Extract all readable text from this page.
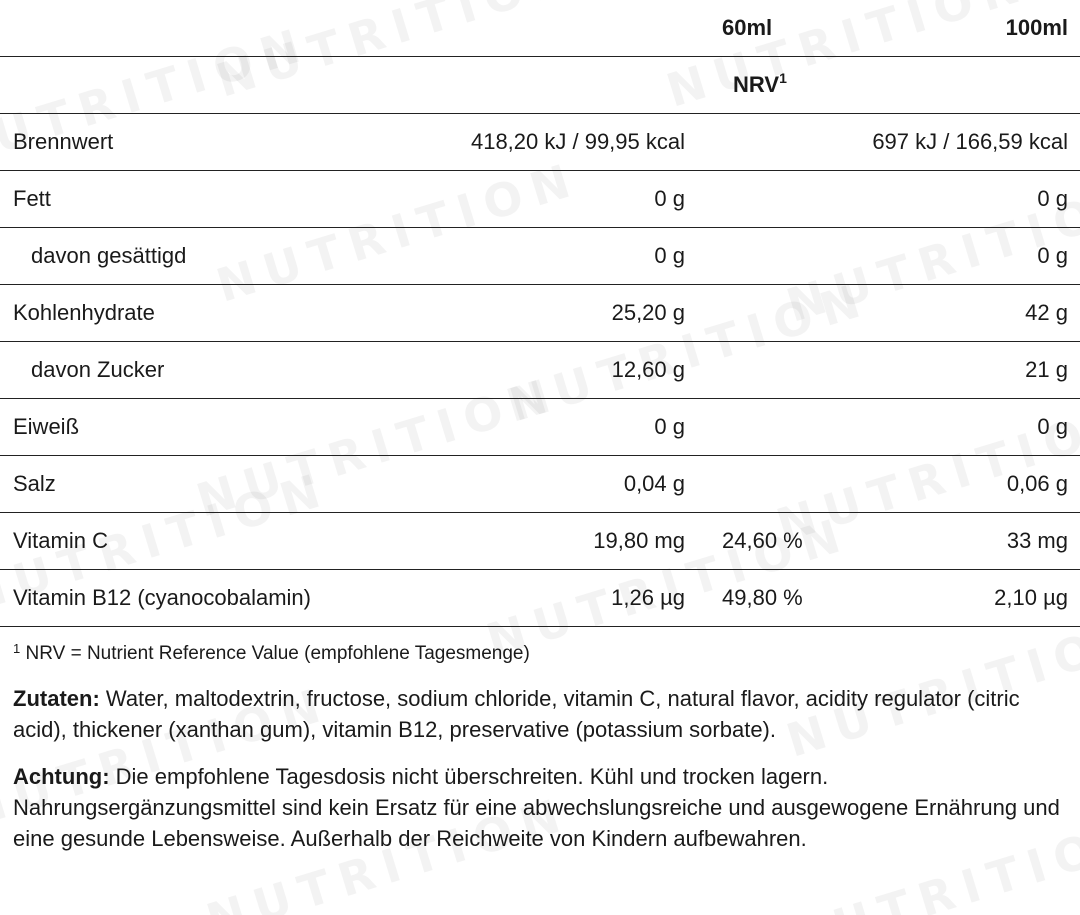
		60ml	100ml
NRV$^1$
Brennwert	418,20 kJ / 99,95 kcal		697 kJ / 166,59 kcal
Fett	0 g		0 g
davon gesättigd	0 g		0 g
Kohlenhydrate	25,20 g		42 g
davon Zucker	12,60 g		21 g
Eiweiß	0 g		0 g
Salz	0,04 g		0,06 g
Vitamin C	19,80 mg	24,60 %	33 mg
Vitamin B12 (cyanocobalamin)	1,26 µg	49,80 %	2,10 µg
$^1$ NRV = Nutrient Reference Value (empfohlene Tagesmenge)

Zutaten: Water, maltodextrin, fructose, sodium chloride, vitamin C, natural flavor, acidity regulator (citric acid), thickener (xanthan gum), vitamin B12, preservative (potassium sorbate).

Achtung: Die empfohlene Tagesdosis nicht überschreiten. Kühl und trocken lagern. Nahrungsergänzungsmittel sind kein Ersatz für eine abwechslungsreiche und ausgewogene Ernährung und eine gesunde Lebensweise. Außerhalb der Reichweite von Kindern aufbewahren.
